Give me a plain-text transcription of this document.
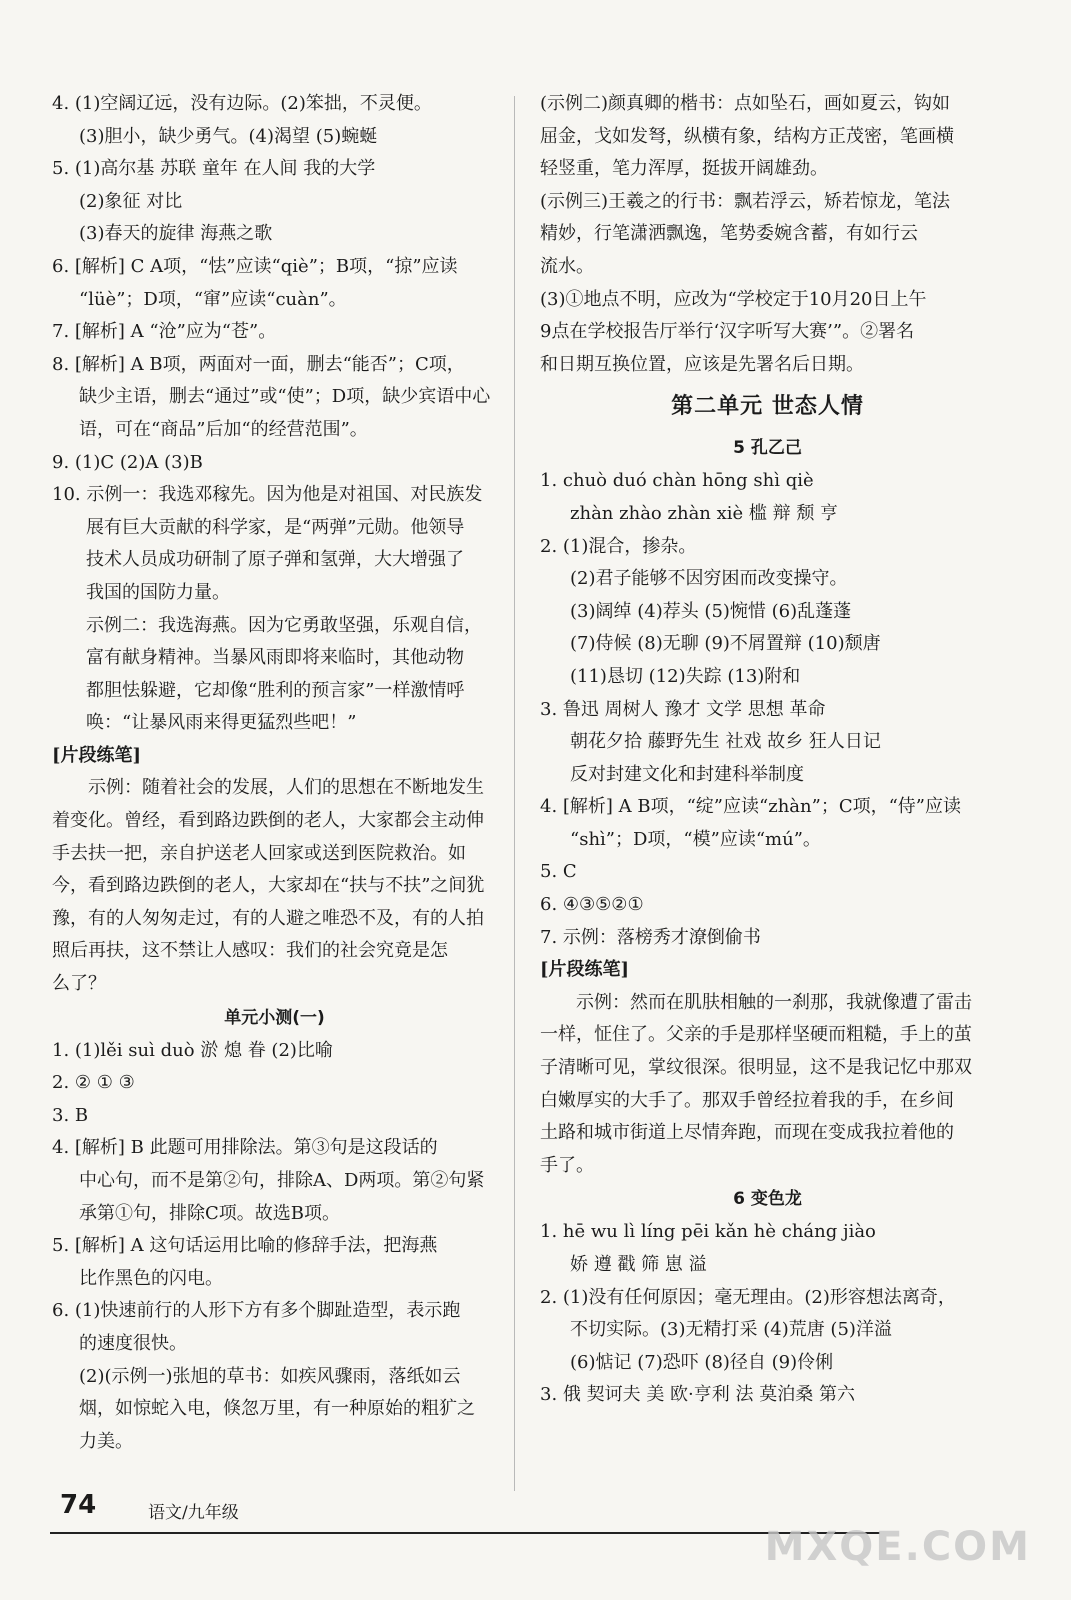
4. (1)空阔辽远，没有边际。(2)笨拙，不灵便。
(3)胆小，缺少勇气。(4)渴望 (5)蜿蜒
5. (1)高尔基 苏联 童年 在人间 我的大学
(2)象征 对比
(3)春天的旋律 海燕之歌
6. [解析] C A项，“怯”应读“qiè”；B项，“掠”应读
“lüè”；D项，“窜”应读“cuàn”。
7. [解析] A “沧”应为“苍”。
8. [解析] A B项，两面对一面，删去“能否”；C项，
缺少主语，删去“通过”或“使”；D项，缺少宾语中心
语，可在“商品”后加“的经营范围”。
9. (1)C (2)A (3)B
10. 示例一：我选邓稼先。因为他是对祖国、对民族发
展有巨大贡献的科学家，是“两弹”元勋。他领导
技术人员成功研制了原子弹和氢弹，大大增强了
我国的国防力量。
示例二：我选海燕。因为它勇敢坚强，乐观自信，
富有献身精神。当暴风雨即将来临时，其他动物
都胆怯躲避，它却像“胜利的预言家”一样激情呼
唤：“让暴风雨来得更猛烈些吧！”
[片段练笔]
示例：随着社会的发展，人们的思想在不断地发生
着变化。曾经，看到路边跌倒的老人，大家都会主动伸
手去扶一把，亲自护送老人回家或送到医院救治。如
今，看到路边跌倒的老人，大家却在“扶与不扶”之间犹
豫，有的人匆匆走过，有的人避之唯恐不及，有的人拍
照后再扶，这不禁让人感叹：我们的社会究竟是怎
么了？
单元小测(一)
1. (1)lěi suì duò 淤 熄 眷 (2)比喻
2. ② ① ③
3. B
4. [解析] B 此题可用排除法。第③句是这段话的
中心句，而不是第②句，排除A、D两项。第②句紧
承第①句，排除C项。故选B项。
5. [解析] A 这句话运用比喻的修辞手法，把海燕
比作黑色的闪电。
6. (1)快速前行的人形下方有多个脚趾造型，表示跑
的速度很快。
(2)(示例一)张旭的草书：如疾风骤雨，落纸如云
烟，如惊蛇入电，倏忽万里，有一种原始的粗犷之
力美。
(示例二)颜真卿的楷书：点如坠石，画如夏云，钩如
屈金，戈如发弩，纵横有象，结构方正茂密，笔画横
轻竖重，笔力浑厚，挺拔开阔雄劲。
(示例三)王羲之的行书：飘若浮云，矫若惊龙，笔法
精妙，行笔潇洒飘逸，笔势委婉含蓄，有如行云
流水。
(3)①地点不明，应改为“学校定于10月20日上午
9点在学校报告厅举行‘汉字听写大赛’”。②署名
和日期互换位置，应该是先署名后日期。
第二单元 世态人情
5 孔乙己
1. chuò duó chàn hōng shì qiè
zhàn zhào zhàn xiè 槛 辩 颓 亨
2. (1)混合，掺杂。
(2)君子能够不因穷困而改变操守。
(3)阔绰 (4)荐头 (5)惋惜 (6)乱蓬蓬
(7)侍候 (8)无聊 (9)不屑置辩 (10)颓唐
(11)恳切 (12)失踪 (13)附和
3. 鲁迅 周树人 豫才 文学 思想 革命
朝花夕拾 藤野先生 社戏 故乡 狂人日记
反对封建文化和封建科举制度
4. [解析] A B项，“绽”应读“zhàn”；C项，“侍”应读
“shì”；D项，“模”应读“mú”。
5. C
6. ④③⑤②①
7. 示例：落榜秀才潦倒偷书
[片段练笔]
示例：然而在肌肤相触的一刹那，我就像遭了雷击
一样，怔住了。父亲的手是那样坚硬而粗糙，手上的茧
子清晰可见，掌纹很深。很明显，这不是我记忆中那双
白嫩厚实的大手了。那双手曾经拉着我的手，在乡间
土路和城市街道上尽情奔跑，而现在变成我拉着他的
手了。
6 变色龙
1. hē wu lì líng pēi kǎn hè cháng jiào
娇 遵 戳 筛 崽 溢
2. (1)没有任何原因；毫无理由。(2)形容想法离奇，
不切实际。(3)无精打采 (4)荒唐 (5)洋溢
(6)惦记 (7)恐吓 (8)径自 (9)伶俐
3. 俄 契诃夫 美 欧·亨利 法 莫泊桑 第六
74	语文/九年级
MXQE.COM
